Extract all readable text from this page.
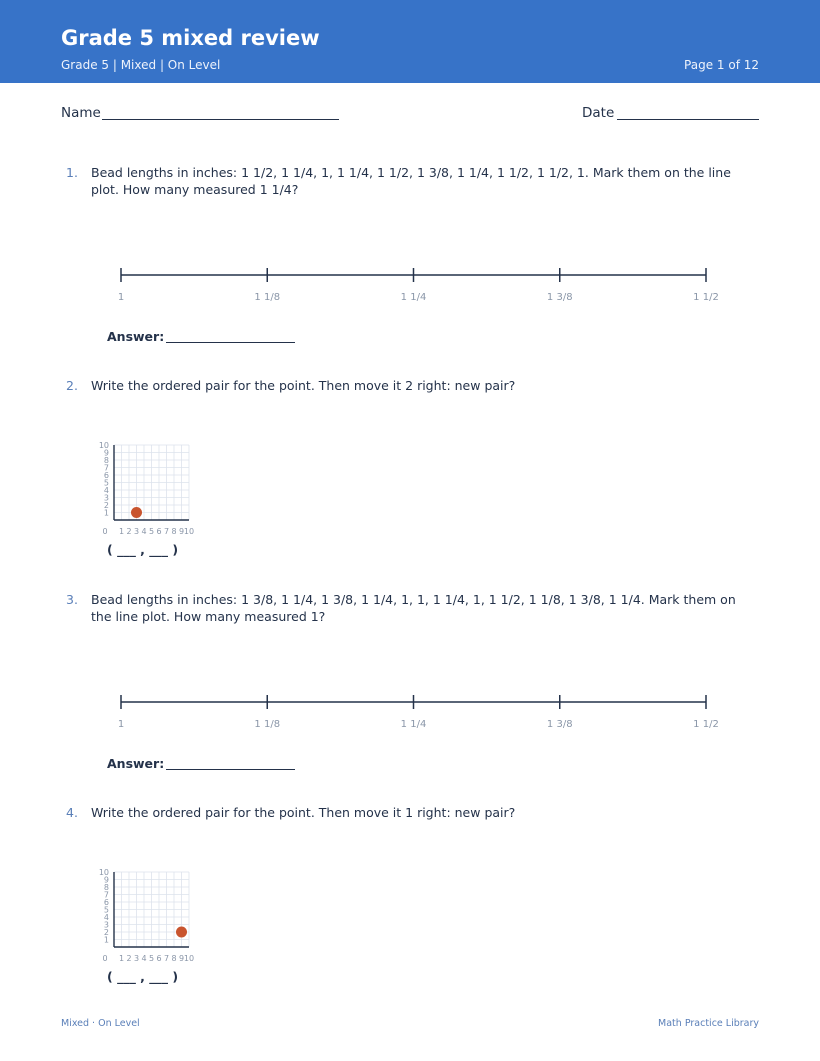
Grade 5 mixed review
Grade 5 | Mixed | On Level	Page 1 of 12
Name	Date
1. Bead lengths in inches: 1 1/2, 1 1/4, 1, 1 1/4, 1 1/2, 1 3/8, 1 1/4, 1 1/2, 1 1/2, 1. Mark them on the line plot. How many measured 1 1/4?
1	1 1/8	1 1/4	1 3/8	1 1/2
Answer:
2. Write the ordered pair for the point. Then move it 2 right: new pair?
0 1 2 3 4 5 6 7 8 9 10
1
2
3
4
5
6
7
8
9
10
( ___ , ___ )
3. Bead lengths in inches: 1 3/8, 1 1/4, 1 3/8, 1 1/4, 1, 1, 1 1/4, 1, 1 1/2, 1 1/8, 1 3/8, 1 1/4. Mark them on the line plot. How many measured 1?
1	1 1/8	1 1/4	1 3/8	1 1/2
Answer:
4. Write the ordered pair for the point. Then move it 1 right: new pair?
0 1 2 3 4 5 6 7 8 9 10
1
2
3
4
5
6
7
8
9
10
( ___ , ___ )
Mixed · On Level	Math Practice Library
